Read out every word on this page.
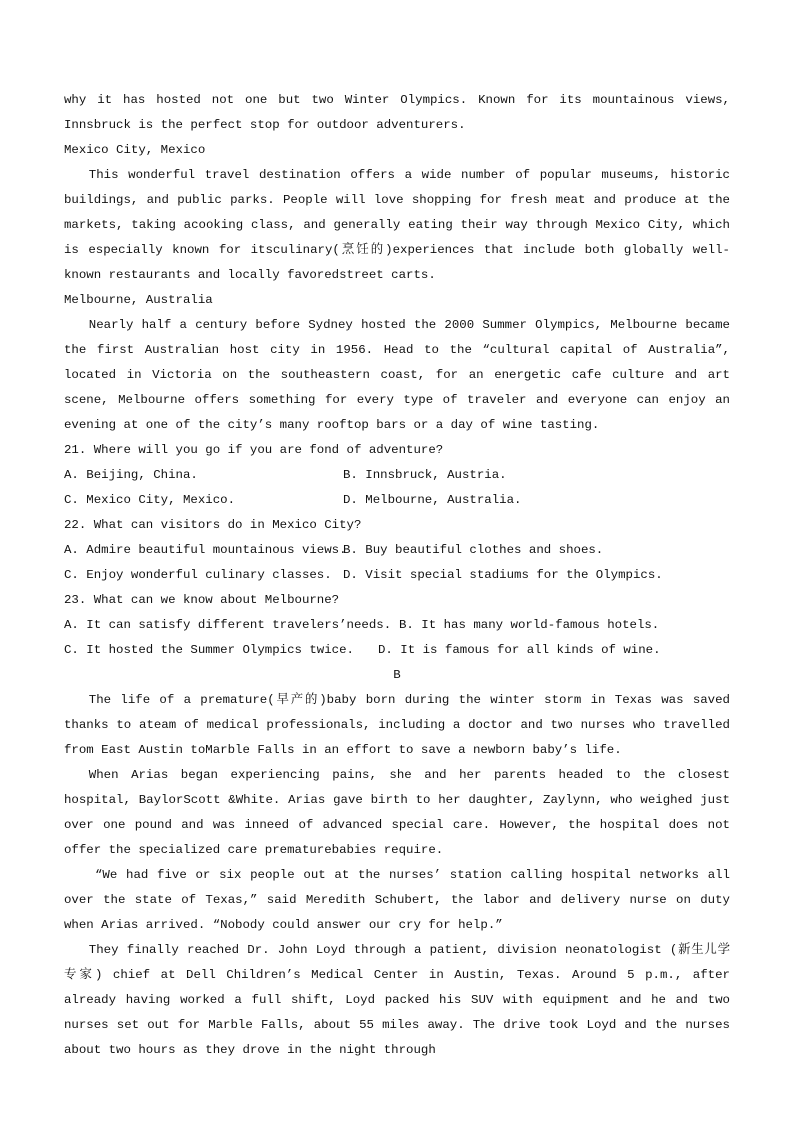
why it has hosted not one but two Winter Olympics. Known for its mountainous views, Innsbruck is the perfect stop for outdoor adventurers.

Mexico City, Mexico

This wonderful travel destination offers a wide number of popular museums, historic buildings, and public parks. People will love shopping for fresh meat and produce at the markets, taking acooking class, and generally eating their way through Mexico City, which is especially known for itsculinary(烹饪的)experiences that include both globally well-known restaurants and locally favoredstreet carts.

Melbourne, Australia

Nearly half a century before Sydney hosted the 2000 Summer Olympics, Melbourne became the first Australian host city in 1956. Head to the “cultural capital of Australia”, located in Victoria on the southeastern coast, for an energetic cafe culture and art scene, Melbourne offers something for every type of traveler and everyone can enjoy an evening at one of the city’s many rooftop bars or a day of wine tasting.

21. Where will you go if you are fond of adventure?

A. Beijing, China.	B. Innsbruck, Austria.
C. Mexico City, Mexico.	D. Melbourne, Australia.

22. What can visitors do in Mexico City?

A. Admire beautiful mountainous views.
B. Buy beautiful clothes and shoes.
C. Enjoy wonderful culinary classes. D. Visit special stadiums for the Olympics.

23. What can we know about Melbourne?

A. It can satisfy different travelers’needs. B. It has many world-famous hotels.
C. It hosted the Summer Olympics twice.	D. It is famous for all kinds of wine.

B

The life of a premature(早产的)baby born during the winter storm in Texas was saved thanks to ateam of medical professionals, including a doctor and two nurses who travelled from East Austin toMarble Falls in an effort to save a newborn baby’s life.

When Arias began experiencing pains, she and her parents headed to the closest hospital, BaylorScott &White. Arias gave birth to her daughter, Zaylynn, who weighed just over one pound and was inneed of advanced special care. However, the hospital does not offer the specialized care prematurebabies require.

“We had five or six people out at the nurses’ station calling hospital networks all over the state of Texas,” said Meredith Schubert, the labor and delivery nurse on duty when Arias arrived. “Nobody could answer our cry for help.”

They finally reached Dr. John Loyd through a patient, division neonatologist (新生儿学专家) chief at Dell Children’s Medical Center in Austin, Texas. Around 5 p.m., after already having worked a full shift, Loyd packed his SUV with equipment and he and two nurses set out for Marble Falls, about 55 miles away. The drive took Loyd and the nurses about two hours as they drove in the night through
